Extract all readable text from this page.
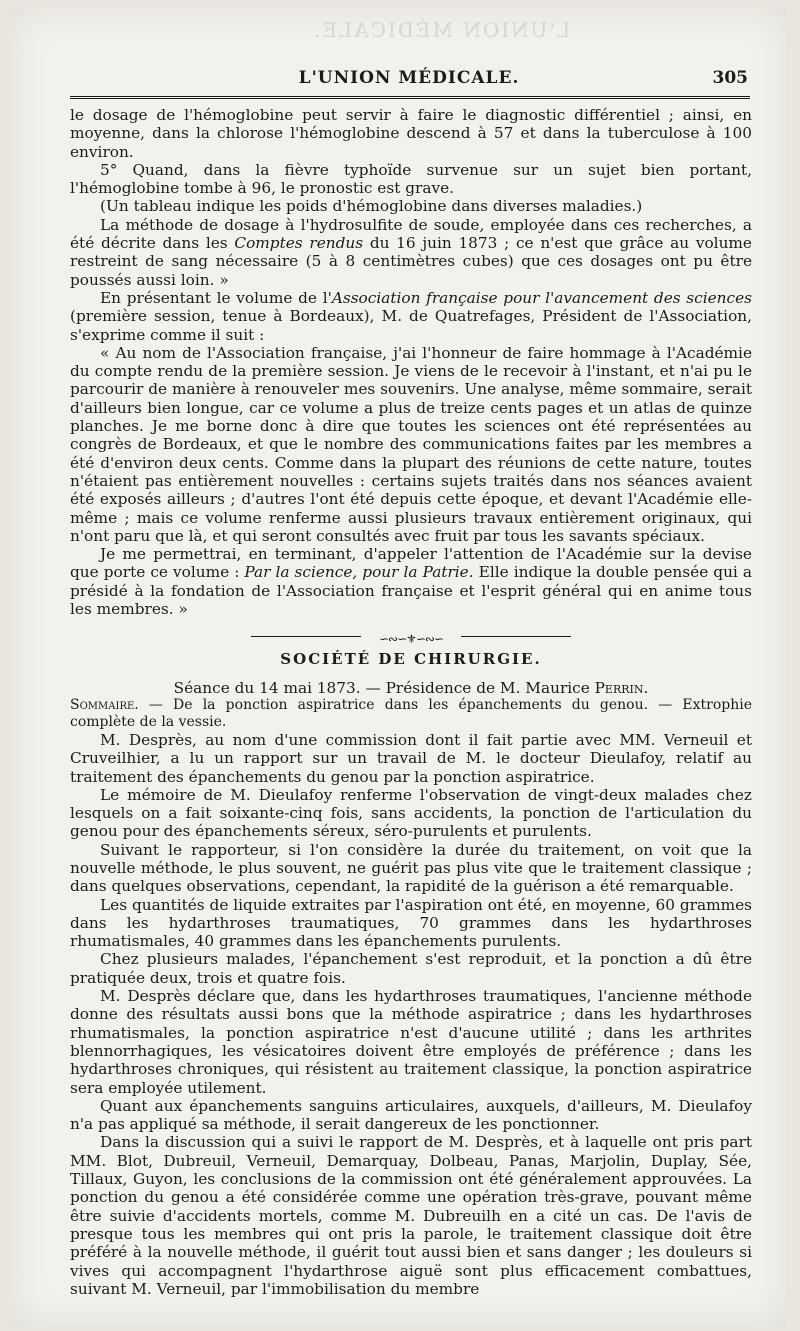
L'UNION MÉDICALE.
L'UNION MÉDICALE.	305

le dosage de l'hémoglobine peut servir à faire le diagnostic différentiel ; ainsi, en moyenne, dans la chlorose l'hémoglobine descend à 57 et dans la tuberculose à 100 environ.

5° Quand, dans la fièvre typhoïde survenue sur un sujet bien portant, l'hémoglobine tombe à 96, le pronostic est grave.

(Un tableau indique les poids d'hémoglobine dans diverses maladies.)

La méthode de dosage à l'hydrosulfite de soude, employée dans ces recherches, a été décrite dans les Comptes rendus du 16 juin 1873 ; ce n'est que grâce au volume restreint de sang nécessaire (5 à 8 centimètres cubes) que ces dosages ont pu être poussés aussi loin. »

En présentant le volume de l'Association française pour l'avancement des sciences (première session, tenue à Bordeaux), M. de Quatrefages, Président de l'Association, s'exprime comme il suit :

« Au nom de l'Association française, j'ai l'honneur de faire hommage à l'Académie du compte rendu de la première session. Je viens de le recevoir à l'instant, et n'ai pu le parcourir de manière à renouveler mes souvenirs. Une analyse, même sommaire, serait d'ailleurs bien longue, car ce volume a plus de treize cents pages et un atlas de quinze planches. Je me borne donc à dire que toutes les sciences ont été représentées au congrès de Bordeaux, et que le nombre des communications faites par les membres a été d'environ deux cents. Comme dans la plupart des réunions de cette nature, toutes n'étaient pas entièrement nouvelles : certains sujets traités dans nos séances avaient été exposés ailleurs ; d'autres l'ont été depuis cette époque, et devant l'Académie elle-même ; mais ce volume renferme aussi plusieurs travaux entièrement originaux, qui n'ont paru que là, et qui seront consultés avec fruit par tous les savants spéciaux.

Je me permettrai, en terminant, d'appeler l'attention de l'Académie sur la devise que porte ce volume : Par la science, pour la Patrie. Elle indique la double pensée qui a présidé à la fondation de l'Association française et l'esprit général qui en anime tous les membres. »

∽∾∽⚜∽∾∽
SOCIÉTÉ DE CHIRURGIE.

Séance du 14 mai 1873. — Présidence de M. Maurice Perrin.

Sommaire. — De la ponction aspiratrice dans les épanchements du genou. — Extrophie complète de la vessie.

M. Desprès, au nom d'une commission dont il fait partie avec MM. Verneuil et Cruveilhier, a lu un rapport sur un travail de M. le docteur Dieulafoy, relatif au traitement des épanchements du genou par la ponction aspiratrice.

Le mémoire de M. Dieulafoy renferme l'observation de vingt-deux malades chez lesquels on a fait soixante-cinq fois, sans accidents, la ponction de l'articulation du genou pour des épanchements séreux, séro-purulents et purulents.

Suivant le rapporteur, si l'on considère la durée du traitement, on voit que la nouvelle méthode, le plus souvent, ne guérit pas plus vite que le traitement classique ; dans quelques observations, cependant, la rapidité de la guérison a été remarquable.

Les quantités de liquide extraites par l'aspiration ont été, en moyenne, 60 grammes dans les hydarthroses traumatiques, 70 grammes dans les hydarthroses rhumatismales, 40 grammes dans les épanchements purulents.

Chez plusieurs malades, l'épanchement s'est reproduit, et la ponction a dû être pratiquée deux, trois et quatre fois.

M. Desprès déclare que, dans les hydarthroses traumatiques, l'ancienne méthode donne des résultats aussi bons que la méthode aspiratrice ; dans les hydarthroses rhumatismales, la ponction aspiratrice n'est d'aucune utilité ; dans les arthrites blennorrhagiques, les vésicatoires doivent être employés de préférence ; dans les hydarthroses chroniques, qui résistent au traitement classique, la ponction aspiratrice sera employée utilement.

Quant aux épanchements sanguins articulaires, auxquels, d'ailleurs, M. Dieulafoy n'a pas appliqué sa méthode, il serait dangereux de les ponctionner.

Dans la discussion qui a suivi le rapport de M. Desprès, et à laquelle ont pris part MM. Blot, Dubreuil, Verneuil, Demarquay, Dolbeau, Panas, Marjolin, Duplay, Sée, Tillaux, Guyon, les conclusions de la commission ont été généralement approuvées. La ponction du genou a été considérée comme une opération très-grave, pouvant même être suivie d'accidents mortels, comme M. Dubreuilh en a cité un cas. De l'avis de presque tous les membres qui ont pris la parole, le traitement classique doit être préféré à la nouvelle méthode, il guérit tout aussi bien et sans danger ; les douleurs si vives qui accompagnent l'hydarthrose aiguë sont plus efficacement combattues, suivant M. Verneuil, par l'immobilisation du membre
